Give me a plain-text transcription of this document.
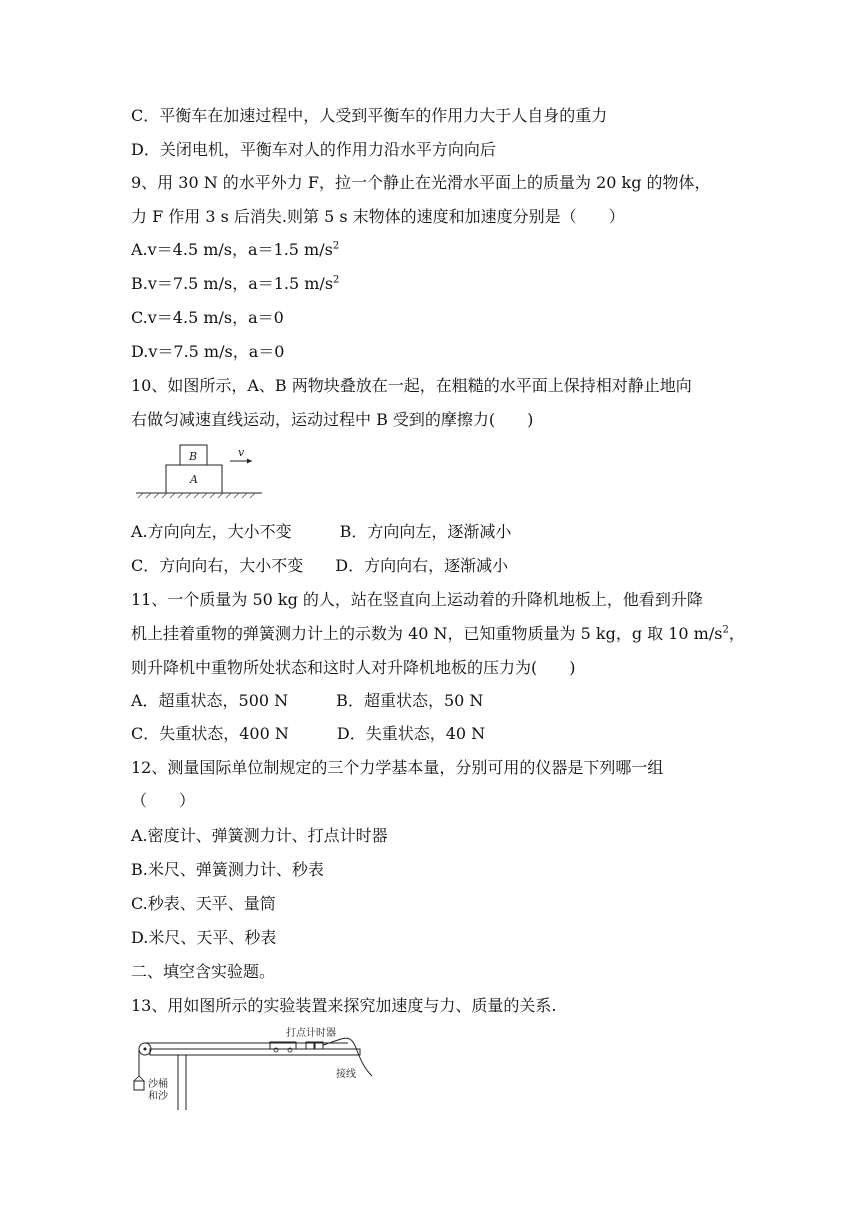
C．平衡车在加速过程中，人受到平衡车的作用力大于人自身的重力
D．关闭电机，平衡车对人的作用力沿水平方向向后
9、用 30 N 的水平外力 F，拉一个静止在光滑水平面上的质量为 20 kg 的物体，
力 F 作用 3 s 后消失.则第 5 s 末物体的速度和加速度分别是（　　）
A.v＝4.5 m/s，a＝1.5 $m/s^2$
B.v＝7.5 m/s，a＝1.5 $m/s^2$
C.v＝4.5 m/s，a＝0
D.v＝7.5 m/s，a＝0
10、如图所示，A、B 两物块叠放在一起，在粗糙的水平面上保持相对静止地向
右做匀减速直线运动，运动过程中 B 受到的摩擦力(　　)
B
A
v
A.方向向左，大小不变　　　B．方向向左，逐渐减小
C．方向向右，大小不变　　D．方向向右，逐渐减小
11、一个质量为 50 kg 的人，站在竖直向上运动着的升降机地板上，他看到升降
机上挂着重物的弹簧测力计上的示数为 40 N，已知重物质量为 5 kg，g 取 10 $m/s^2$，
则升降机中重物所处状态和这时人对升降机地板的压力为(　　)
A．超重状态，500 N　　　B．超重状态，50 N
C．失重状态，400 N　　　D．失重状态，40 N
12、测量国际单位制规定的三个力学基本量，分别可用的仪器是下列哪一组
（　　）
A.密度计、弹簧测力计、打点计时器
B.米尺、弹簧测力计、秒表
C.秒表、天平、量筒
D.米尺、天平、秒表
二、填空含实验题。
13、用如图所示的实验装置来探究加速度与力、质量的关系.
打点计时器
接线
沙桶
和沙
